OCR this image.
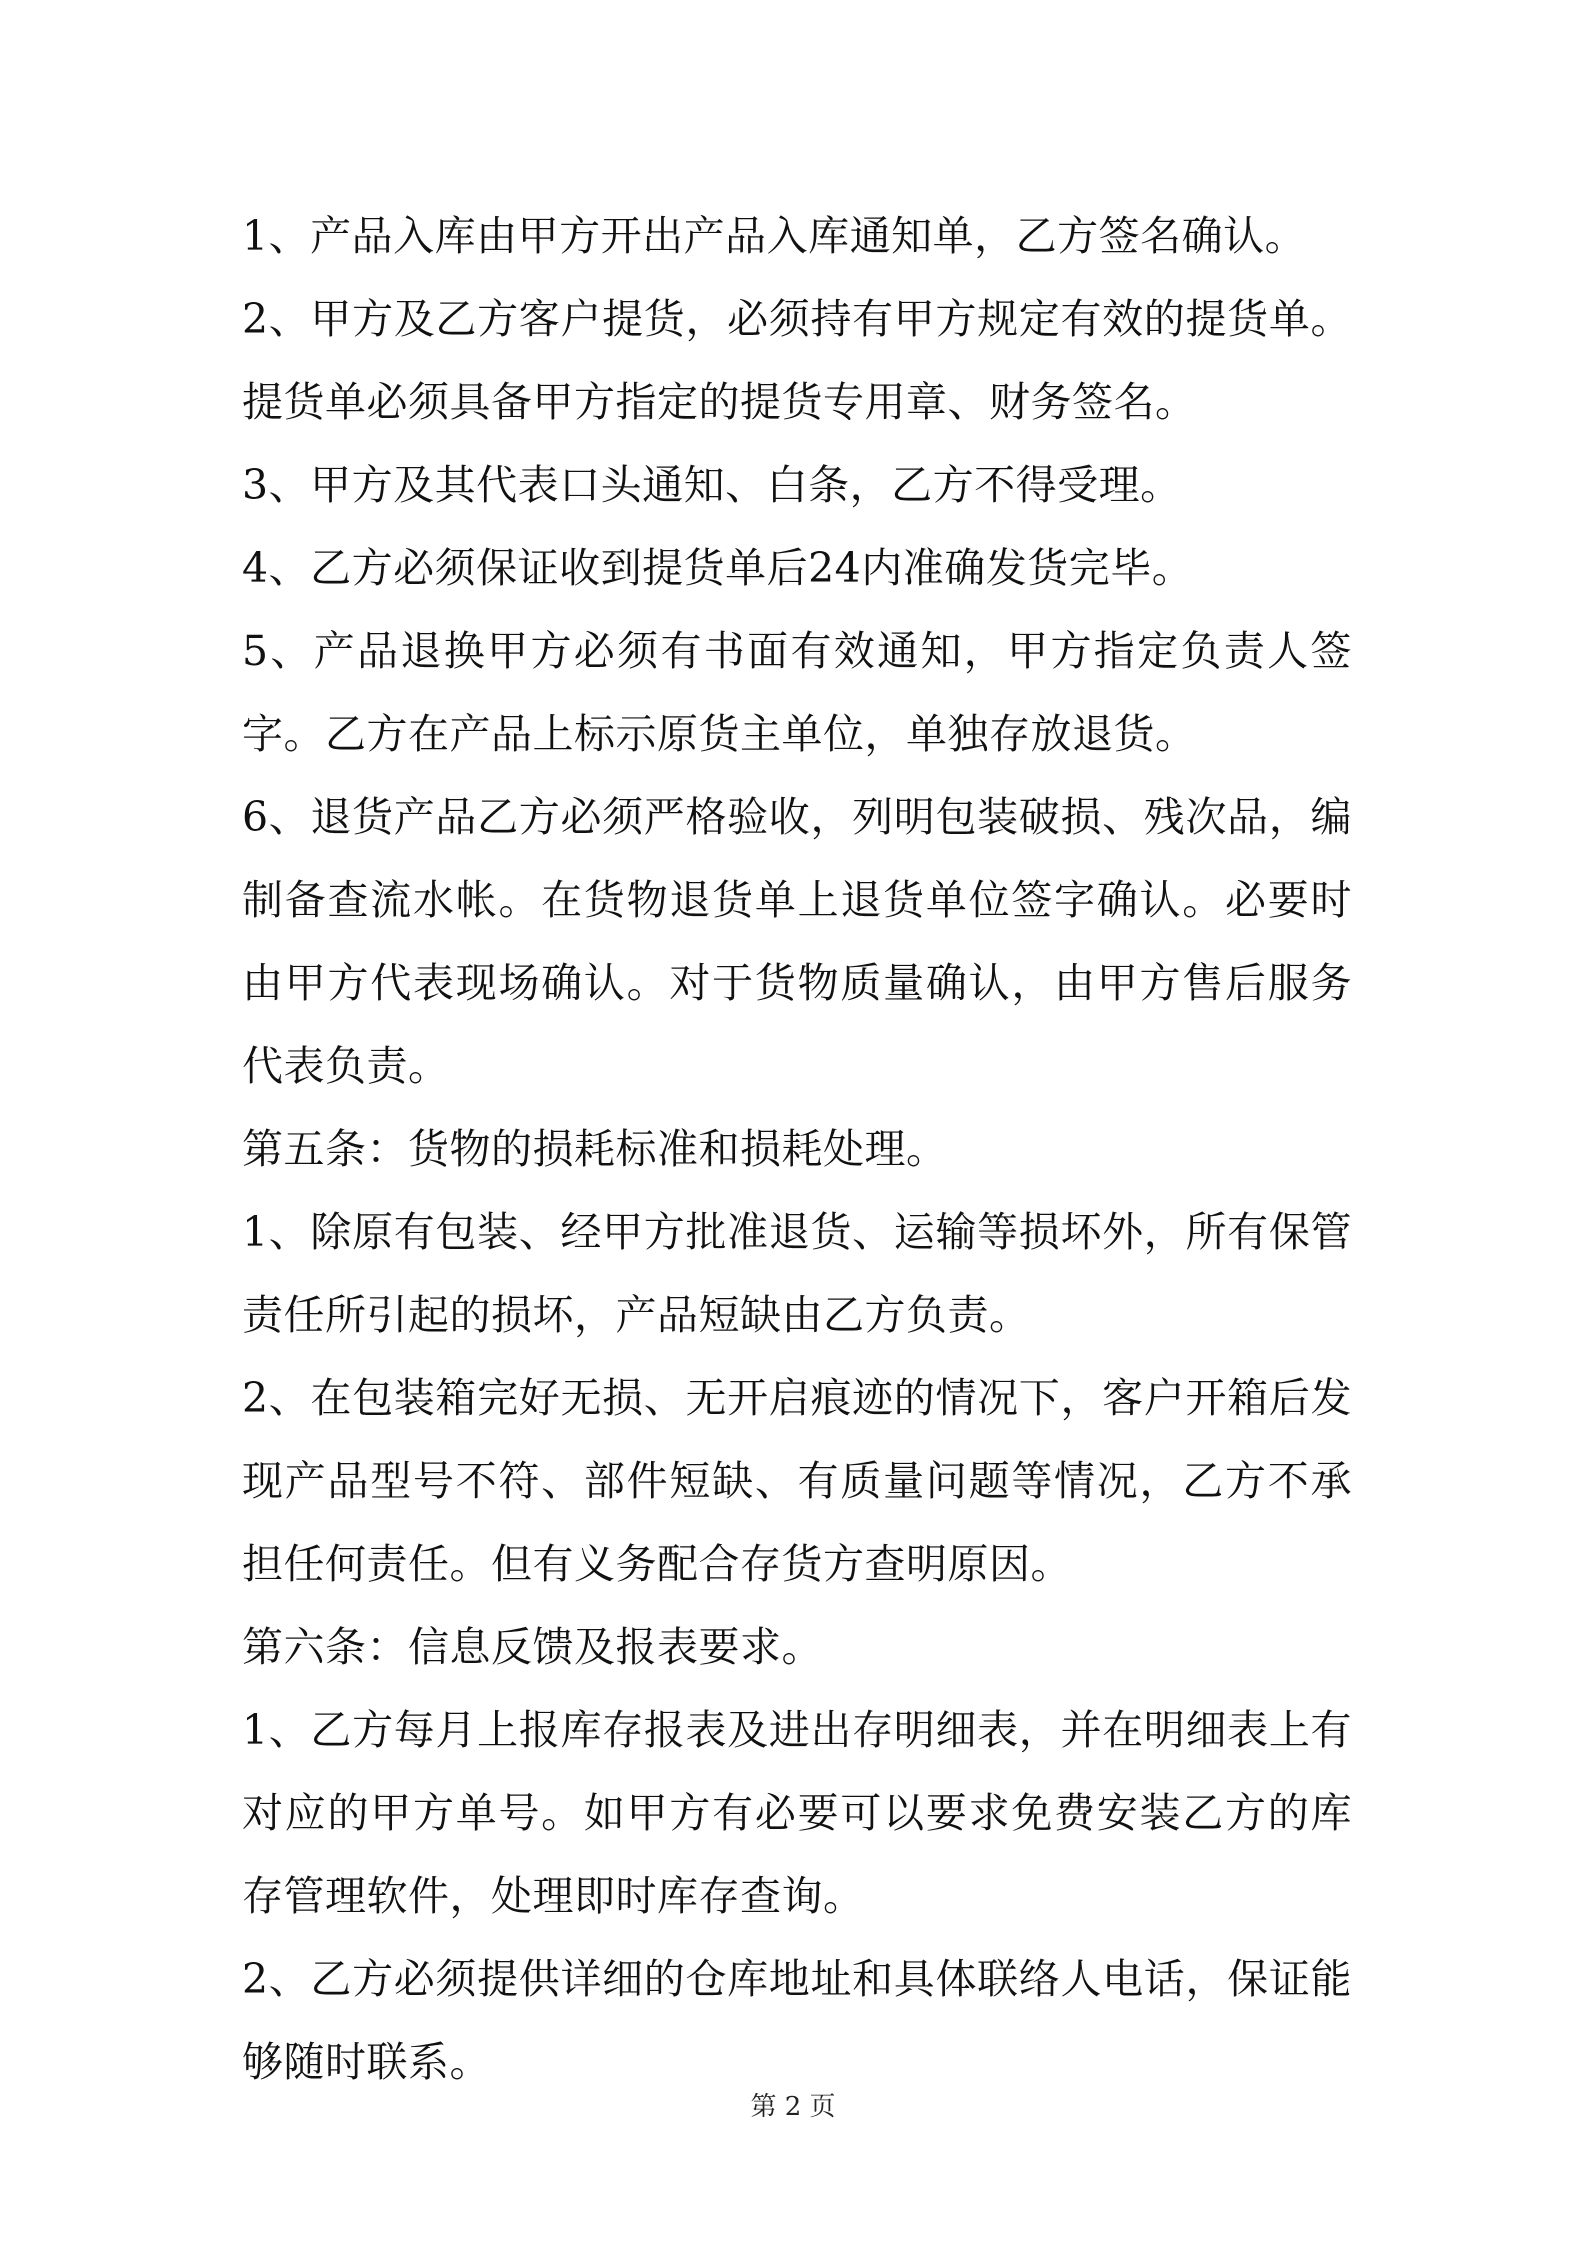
1、产品入库由甲方开出产品入库通知单，乙方签名确认。

2、甲方及乙方客户提货，必须持有甲方规定有效的提货单。提货单必须具备甲方指定的提货专用章、财务签名。

3、甲方及其代表口头通知、白条，乙方不得受理。

4、乙方必须保证收到提货单后24内准确发货完毕。

5、产品退换甲方必须有书面有效通知，甲方指定负责人签字。乙方在产品上标示原货主单位，单独存放退货。

6、退货产品乙方必须严格验收，列明包装破损、残次品，编制备查流水帐。在货物退货单上退货单位签字确认。必要时由甲方代表现场确认。对于货物质量确认，由甲方售后服务代表负责。

第五条：货物的损耗标准和损耗处理。

1、除原有包装、经甲方批准退货、运输等损坏外，所有保管责任所引起的损坏，产品短缺由乙方负责。

2、在包装箱完好无损、无开启痕迹的情况下，客户开箱后发现产品型号不符、部件短缺、有质量问题等情况，乙方不承担任何责任。但有义务配合存货方查明原因。

第六条：信息反馈及报表要求。

1、乙方每月上报库存报表及进出存明细表，并在明细表上有对应的甲方单号。如甲方有必要可以要求免费安装乙方的库存管理软件，处理即时库存查询。

2、乙方必须提供详细的仓库地址和具体联络人电话，保证能够随时联系。

第 2 页
